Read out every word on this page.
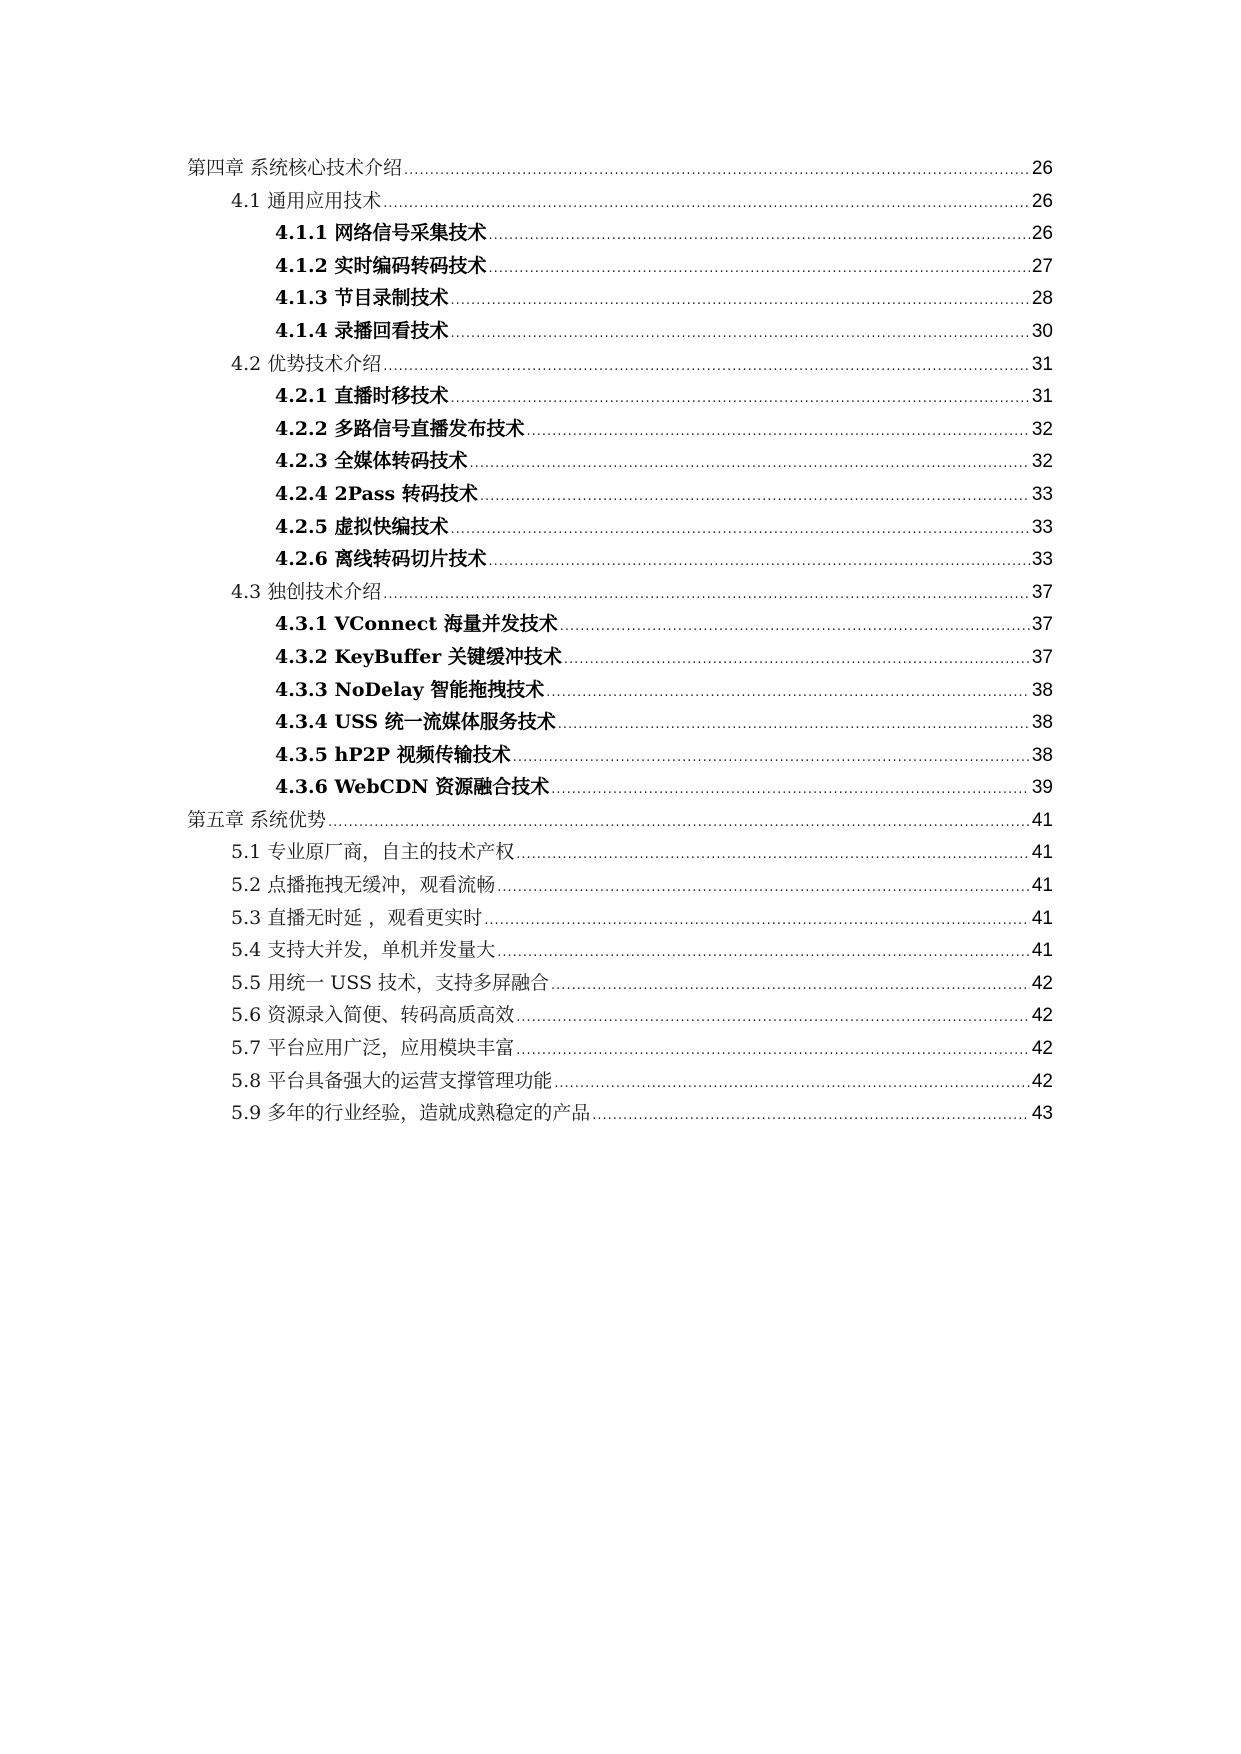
第四章 系统核心技术介绍 .....	26
4.1 通用应用技术 .....	26
4.1.1 网络信号采集技术 .....	26
4.1.2 实时编码转码技术 .....	27
4.1.3 节目录制技术 .....	28
4.1.4 录播回看技术 .....	30
4.2 优势技术介绍 .....	31
4.2.1 直播时移技术 .....	31
4.2.2 多路信号直播发布技术 .....	32
4.2.3 全媒体转码技术 .....	32
4.2.4 2Pass 转码技术 .....	33
4.2.5 虚拟快编技术 .....	33
4.2.6 离线转码切片技术 .....	33
4.3 独创技术介绍 .....	37
4.3.1 VConnect 海量并发技术 .....	37
4.3.2 KeyBuffer 关键缓冲技术 .....	37
4.3.3 NoDelay 智能拖拽技术 .....	38
4.3.4 USS 统一流媒体服务技术 .....	38
4.3.5 hP2P 视频传输技术 .....	38
4.3.6 WebCDN 资源融合技术 .....	39
第五章 系统优势 .....	41
5.1 专业原厂商，自主的技术产权 .....	41
5.2 点播拖拽无缓冲，观看流畅 .....	41
5.3 直播无时延 ，观看更实时 .....	41
5.4 支持大并发，单机并发量大 .....	41
5.5 用统一 USS 技术，支持多屏融合 .....	42
5.6 资源录入简便、转码高质高效 .....	42
5.7 平台应用广泛，应用模块丰富 .....	42
5.8 平台具备强大的运营支撑管理功能 .....	42
5.9 多年的行业经验，造就成熟稳定的产品 .....	43
